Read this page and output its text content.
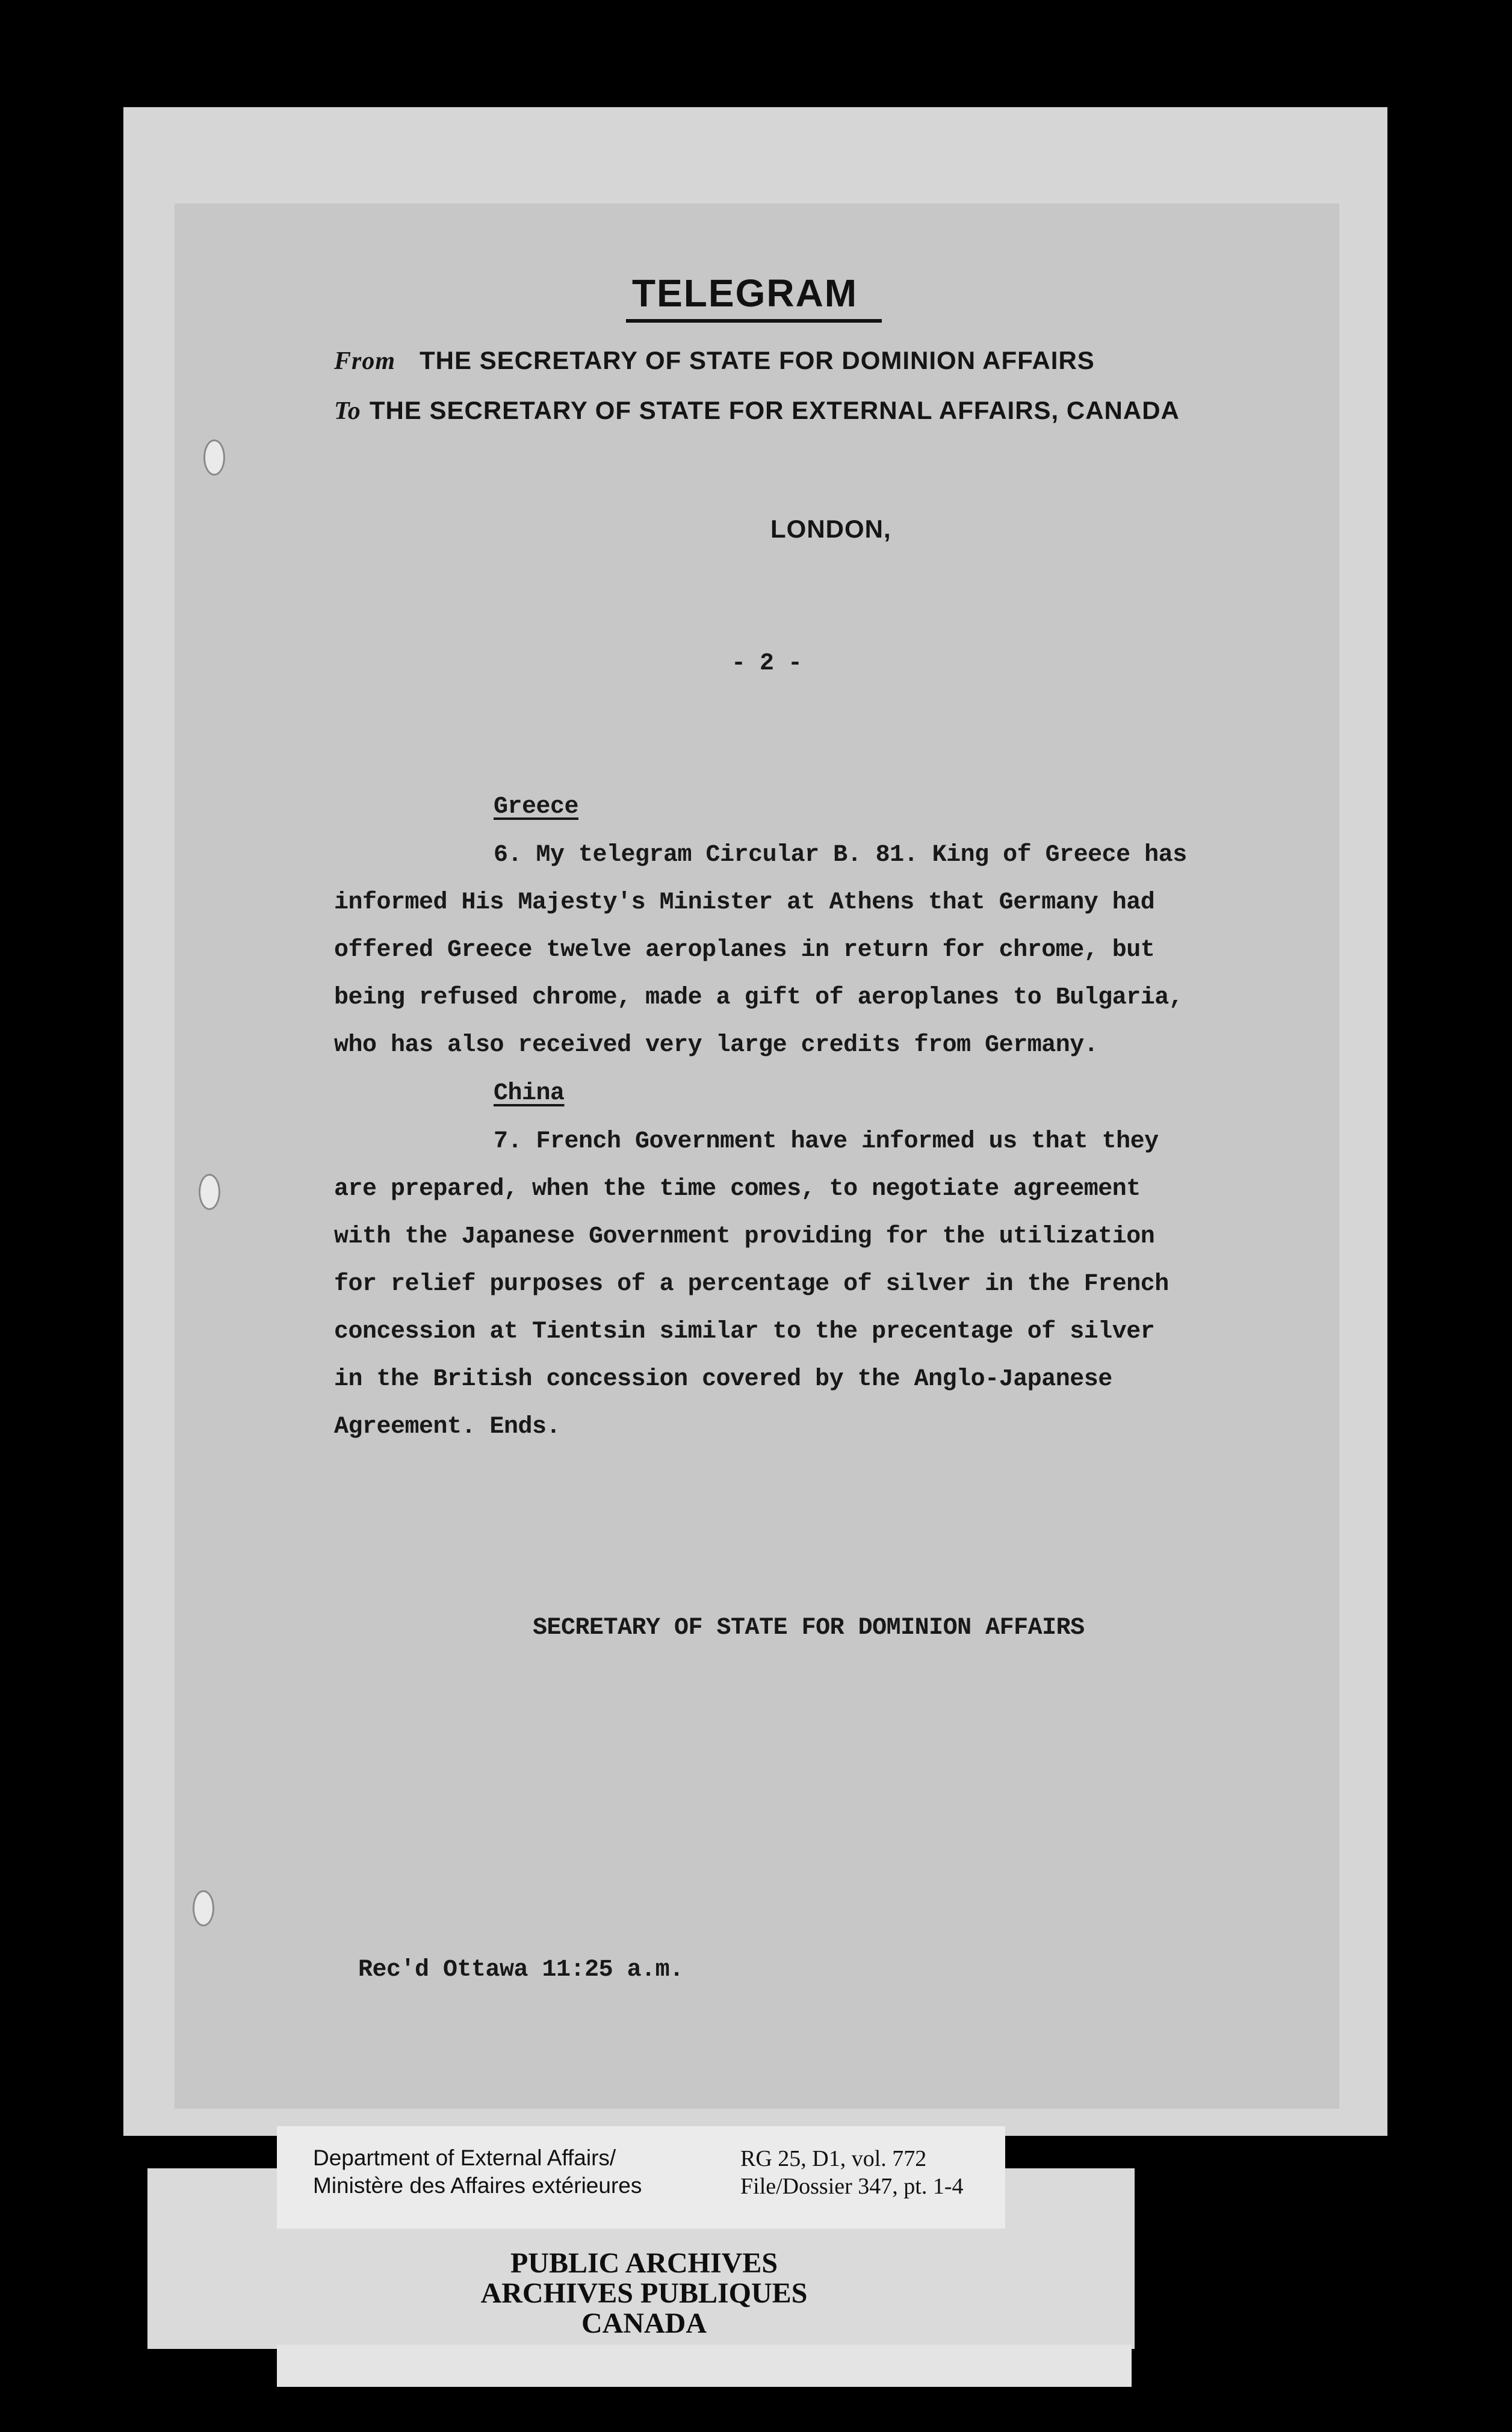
TELEGRAM
From THE SECRETARY OF STATE FOR DOMINION AFFAIRS
To THE SECRETARY OF STATE FOR EXTERNAL AFFAIRS, CANADA
LONDON,
- 2 -
Greece
6. My telegram Circular B. 81. King of Greece has
informed His Majesty's Minister at Athens that Germany had
offered Greece twelve aeroplanes in return for chrome, but
being refused chrome, made a gift of aeroplanes to Bulgaria,
who has also received very large credits from Germany.
China
7. French Government have informed us that they
are prepared, when the time comes, to negotiate agreement
with the Japanese Government providing for the utilization
for relief purposes of a percentage of silver in the French
concession at Tientsin similar to the precentage of silver
in the British concession covered by the Anglo-Japanese
Agreement. Ends.
SECRETARY OF STATE FOR DOMINION AFFAIRS
Rec'd Ottawa 11:25 a.m.
Department of External Affairs/
Ministère des Affaires extérieures
RG 25, D1, vol. 772
File/Dossier 347, pt. 1-4
PUBLIC ARCHIVES
ARCHIVES PUBLIQUES
CANADA
